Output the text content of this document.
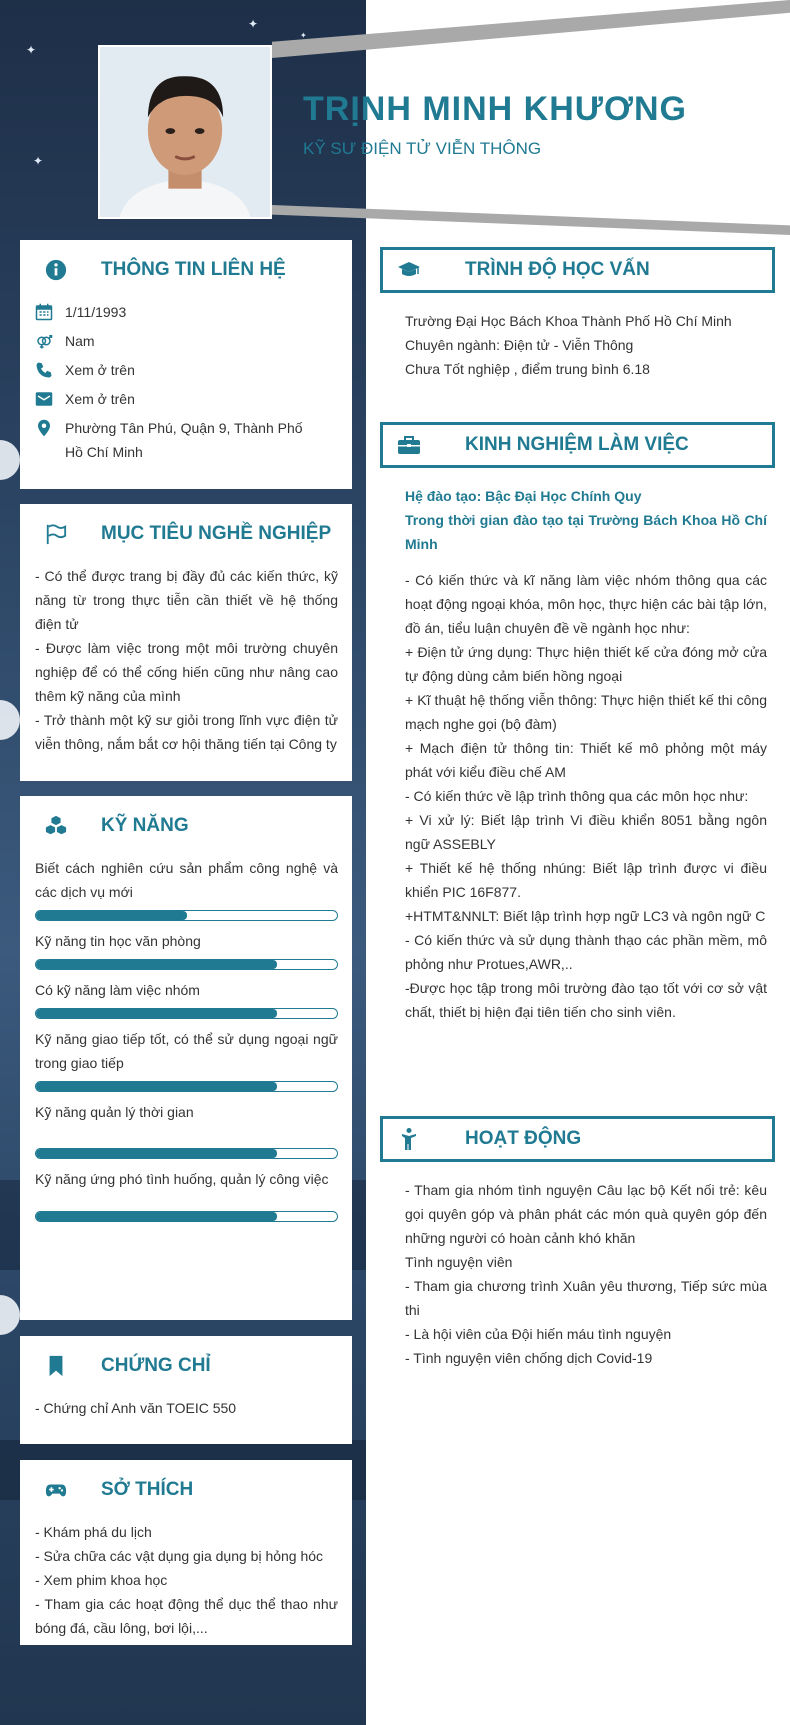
✦
✦
✦
✦
TRỊNH MINH KHƯƠNG
KỸ SƯ ĐIỆN TỬ VIỄN THÔNG
THÔNG TIN LIÊN HỆ
1/11/1993
Nam
Xem ở trên
Xem ở trên
Phường Tân Phú, Quận 9, Thành Phố Hồ Chí Minh
MỤC TIÊU NGHỀ NGHIỆP

- Có thể được trang bị đầy đủ các kiến thức, kỹ năng từ trong thực tiễn cần thiết về hệ thống điện tử

- Được làm việc trong một môi trường chuyên nghiệp để có thể cống hiến cũng như nâng cao thêm kỹ năng của mình

- Trở thành một kỹ sư giỏi trong lĩnh vực điện tử viễn thông, nắm bắt cơ hội thăng tiến tại Công ty

KỸ NĂNG
Biết cách nghiên cứu sản phẩm công nghệ và các dịch vụ mới
Kỹ năng tin học văn phòng
Có kỹ năng làm việc nhóm
Kỹ năng giao tiếp tốt, có thể sử dụng ngoại ngữ trong giao tiếp
Kỹ năng quản lý thời gian
Kỹ năng ứng phó tình huống, quản lý công việc
CHỨNG CHỈ

- Chứng chỉ Anh văn TOEIC 550

SỞ THÍCH

- Khám phá du lịch

- Sửa chữa các vật dụng gia dụng bị hỏng hóc

- Xem phim khoa học

- Tham gia các hoạt động thể dục thể thao như bóng đá, cầu lông, bơi lội,...

TRÌNH ĐỘ HỌC VẤN

Trường Đại Học Bách Khoa Thành Phố Hồ Chí Minh

Chuyên ngành: Điện tử - Viễn Thông

Chưa Tốt nghiệp , điểm trung bình 6.18

KINH NGHIỆM LÀM VIỆC

Hệ đào tạo: Bậc Đại Học Chính Quy

Trong thời gian đào tạo tại Trường Bách Khoa Hồ Chí Minh

- Có kiến thức và kĩ năng làm việc nhóm thông qua các hoạt động ngoại khóa, môn học, thực hiện các bài tập lớn, đồ án, tiểu luận chuyên đề về ngành học như:

+ Điện tử ứng dụng: Thực hiện thiết kế cửa đóng mở cửa tự động dùng cảm biến hồng ngoại

+ Kĩ thuật hệ thống viễn thông: Thực hiện thiết kế thi công mạch nghe gọi (bộ đàm)

+ Mạch điện tử thông tin: Thiết kế mô phỏng một máy phát với kiểu điều chế AM

- Có kiến thức về lập trình thông qua các môn học như:

+ Vi xử lý: Biết lập trình Vi điều khiển 8051 bằng ngôn ngữ ASSEBLY

+ Thiết kế hệ thống nhúng: Biết lập trình được vi điều khiển PIC 16F877.

+HTMT&NNLT: Biết lập trình hợp ngữ LC3 và ngôn ngữ C

- Có kiến thức và sử dụng thành thạo các phần mềm, mô phỏng như Protues,AWR,..

-Được học tập trong môi trường đào tạo tốt với cơ sở vật chất, thiết bị hiện đại tiên tiến cho sinh viên.

HOẠT ĐỘNG

- Tham gia nhóm tình nguyện Câu lạc bộ Kết nối trẻ: kêu gọi quyên góp và phân phát các món quà quyên góp đến những người có hoàn cảnh khó khăn

Tình nguyện viên

- Tham gia chương trình Xuân yêu thương, Tiếp sức mùa thi

- Là hội viên của Đội hiến máu tình nguyện

- Tình nguyện viên chống dịch Covid-19
